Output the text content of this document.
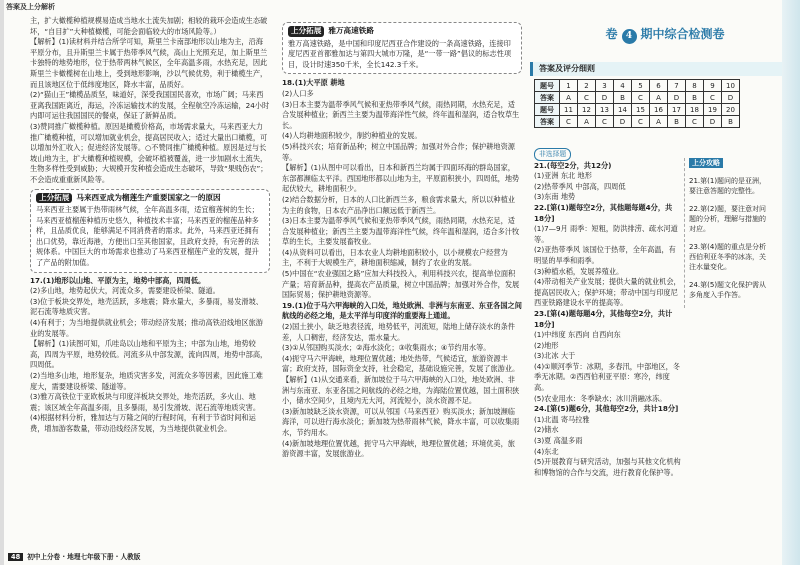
答案及上分解析

主，扩大橄榄种植规模易造成当地水土流失加剧；相较的栽环会造成生态破坏，“自目扩”大种植橄榄，可能会面临较大的市场风险等。）

【解析】(1)读材料并结合所学可知，斯里兰卡南部地形以山地为主，沿海平原分布，且升斯里兰卡属于热带季风气候，高山上光照充足，加上斯里兰卡独特的地势地形，位于热带两林气候区，全年高温多雨，水热充足，因此斯里兰卡橄榄树在山地上，受到地形影响，沙以气候优势，利于橄榄生产，而且该地区位于低纬度地区，降水丰富，品质好。

(2)“猫山王”橄榄品质坚，味道好，深受我国国民喜欢，市场广阔；马来西亚离我国距离近，海运，冷冻运输技术的发展，全程航空冷冻运输，24小时内即可运往我国国民的餐桌，保证了新鲜品质。

(3)赞同推广橄榄种植。原因是橄榄价格高，市场需求量大，马来西亚大力推广橄榄种植，可以增加就业机会，提高居民收入；适过大量出口橄榄，可以增加外汇收入；促进经济发展等。○不赞同推广橄榄种植。原因是过与长坡山地为主，扩大橄榄种植规模，会破坏植被覆盖，进一步加剧水土流失，生物多样性受到威胁；大规模开发种植会造成生态破坏，导致“果贱伤农”；不会造成重重新风险等。

上分拓展 马来西亚成为榴莲生产重要国家之一的原因

马来西亚主要属于热带雨林气候，全年高温多雨，适宜榴莲树的生长；马来西亚植榴莲种植历史悠久，种植技术丰富；马来西亚的榴莲品种多样，且品质优良，能够满足不同消费者的需求。此外，马来西亚还拥有出口优势，靠近海港，方便出口至其他国家，且政府支持，有完善的法规体系。中国巨大的市场需求也推动了马来西亚榴莲产业的发展，提升了产品的附加值。

17.(1)地形以山地、平原为主，地势中部高，四周低。

(2)多山地，地势起伏大，河流众多，需要建设桥梁、隧道。

(3)位于板块交界处，地壳活跃，多地震；降水量大，多暴雨，易发滑坡、泥石流等地质灾害。

(4)有利于；为当地提供就业机会；带动经济发展；推动高铁沿线地区旅游业的发展等。

【解析】(1)读图可知，爪哇岛以山地和平原为主；中部为山地，地势较高，四周为平原，地势较低。河流多从中部发源，流向四周，地势中部高，四周低。

(2)当地多山地，地形复杂，地质灾害多发，河流众多等因素，因此施工难度大，需要建设桥梁、隧道等。

(3)雅万高铁位于亚欧板块与印度洋板块交界处，地壳活跃，多火山、地震；该区域全年高温多雨，且多暴雨，易引发滑坡、泥石流等地质灾害。

(4)根据材料分析，雅加达与万隆之间的行程时间，有利于节省时间和运费，增加游客数量，带动沿线经济发展，为当地提供就业机会。

上分拓展 雅万高速铁路

雅万高速铁路，是中国和印度尼西亚合作建设的一条高速铁路，连接印度尼西亚首都雅加达与第四大城市万隆，是“一带一路”倡议的标志性项目，设计时速350千米，全长142.3千米。

18.(1)大平原 耕地

(2)人口多

(3)日本主要为温带季风气候和亚热带季风气候，雨热同期，水热充足，适合发展种植业；新西兰主要为温带海洋性气候，终年温和湿润，适合牧草生长。

(4)人均耕地面积较少，制约种植业的发展。

(5)科技兴农；培育新品种；树立中国品牌；加强对外合作；保护耕地资源等。

【解析】(1)从图中可以看出，日本和新西兰均属于四面环海的群岛国家，东部都濒临太平洋。西国地形都以山地为主，平原面积狭小，四周低，地势起伏较大，耕地面积少。

(2)结合数据分析，日本的人口比新西兰多，粮食需求量大，所以以种植业为主的食物，日本农产品净出口额远低于新西兰。

(3)日本主要为温带季风气候和亚热带季风气候，雨热同期，水热充足，适合发展种植业；新西兰主要为温带海洋性气候，终年温和湿润，适合多汁牧草的生长，主要发展畜牧业。

(4)从资料可以看出，日本农业人均耕地面积较小，以小规模农户经营为主，不利于大规模生产，耕地面积缩减，制约了农业的发展。

(5)中国在“农业强国之路”应加大科技投入，利用科技兴农，提高单位面积产量；培育新品种，提高农产品质量，树立中国品牌；加强对外合作，发展国际贸易；保护耕地资源等。

19.(1)位于马六甲海峡的入口处，地处欧洲、非洲与东南亚、东亚各国之间航线的必经之地，是太平洋与印度洋的重要海上通道。

(2)国土狭小，缺乏地表径流，地势低平，河流短，陆地上储存淡水的条件差，人口稠密，经济发达，需水量大。

(3)①从邻国购买淡水；②海水淡化；③收集雨水；④节约用水等。

(4)扼守马六甲海峡，地理位置优越；地处热带，气候适宜，旅游资源丰富；政府支持，国际资金支持，社会稳定，基础设施完善，发展了旅游业。

【解析】(1)从交通来看，新加坡位于马六甲海峡的入口处，地处欧洲、非洲与东南亚、东亚各国之间航线的必经之地，为海陆位置优越，国土面积狭小，储水空间少，且境内无大河，河流短小，淡水资源不足。

(3)新加坡缺乏淡水资源，可以从邻国（马来西亚）购买淡水；新加坡濒临海洋，可以进行海水淡化；新加坡为热带雨林气候，降水丰富，可以收集雨水，节约用水。

(4)新加坡地理位置优越，扼守马六甲海峡，地理位置优越；环境优美，旅游资源丰富，发展旅游业。

卷 4 期中综合检测卷
答案及评分细则
题号	1	2	3	4	5	6	7	8	9	10
答案	A	C	D	B	C	A	D	B	C	D
题号	11	12	13	14	15	16	17	18	19	20
答案	C	A	C	D	C	A	B	C	D	B
非选择题

21.(每空2分，共12分)

(1)亚洲 东北 地形

(2)热带季风 中部高，四周低

(3)东南 地势

22.[第(1)题每空2分，其他题每题4分，共18分]

(1)7—9月 雨季：短粗，防洪排涝、疏水河道等。

(2)亚热带季风 该国位于热带，全年高温，有明显的旱季和雨季。

(3)种植水稻，发展养殖业。

(4)带动相关产业发展；提供大量的就业机会，提高居民收入；保护环境；带动中国与印度尼西亚铁路建设水平的提高等。

23.[第(4)题每题4分，其他每空2分，共计18分]

(1)中纬度 东西向 自西向东

(2)地形

(3)北冰 大于

(4)①顺河季节：冰期，多春汛，中部地区，冬季无冰期。②西西伯利亚平原：寒冷，纬度高。

(5)农业用水：冬季缺水；冰川消融冰冻。

24.[第(5)题6分，其他每空2分，共计18分]

(1)北温 寄马拉雅

(2)储水

(3)夏 高温多雨

(4)东北

(5)开展教育与研究活动，加强与其他文化机构和博物馆的合作与交流，进行教育化保护等。

上分攻略

21.第(1)题问的是亚洲，要注意答题的完整性。

22.第(2)题，要注意对问题的分析，理解与措施的对应。

23.第(4)题的重点是分析西伯利亚冬季的冰冻，关注水量变化。

24.第(5)题文化保护需从多角度入手作答。

48 初中上分卷 · 地理七年级下册 · 人教版
